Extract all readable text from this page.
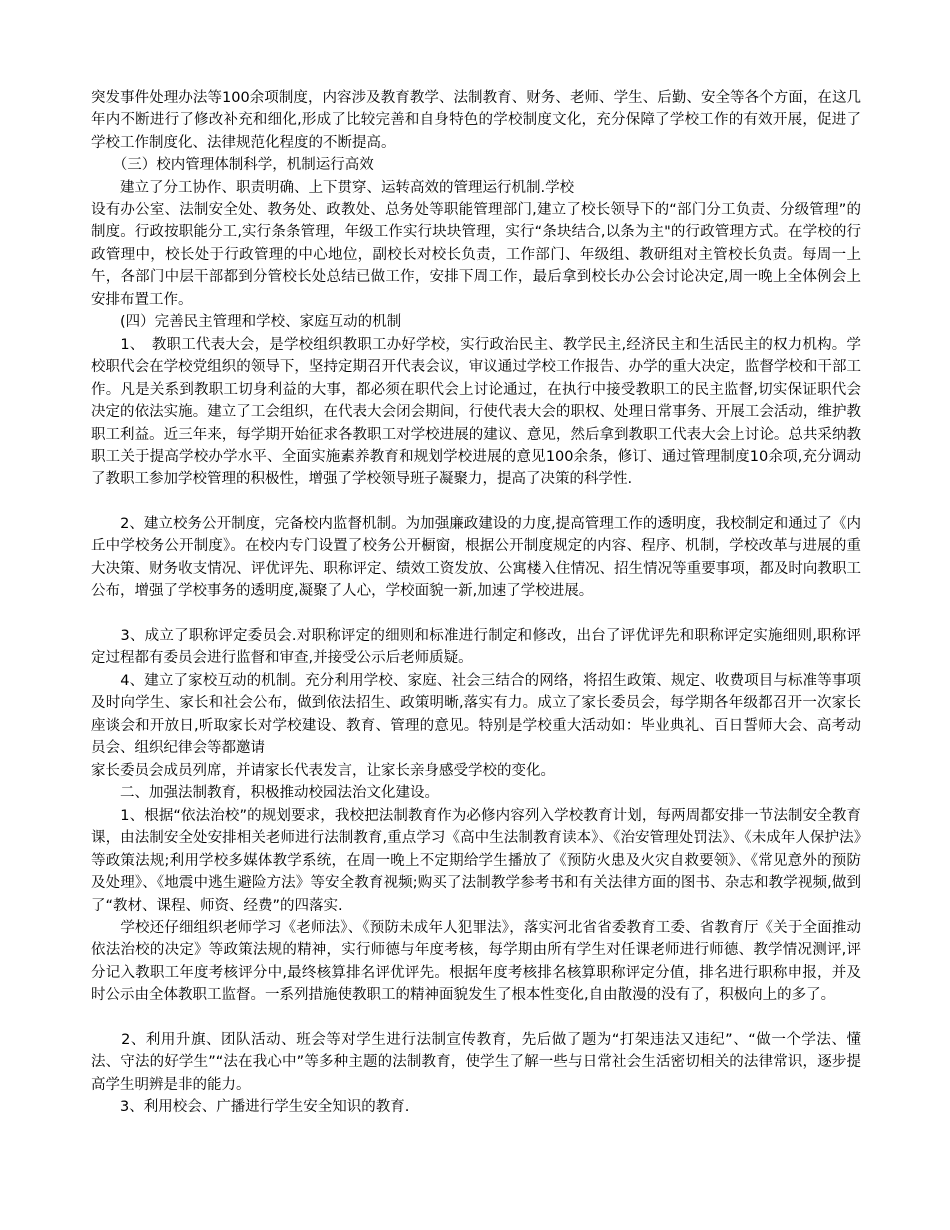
突发事件处理办法等100余项制度，内容涉及教育教学、法制教育、财务、老师、学生、后勤、安全等各个方面，在这几年内不断进行了修改补充和细化,形成了比较完善和自身特色的学校制度文化，充分保障了学校工作的有效开展，促进了学校工作制度化、法律规范化程度的不断提高。
　　（三）校内管理体制科学，机制运行高效
　　建立了分工协作、职责明确、上下贯穿、运转高效的管理运行机制.学校
设有办公室、法制安全处、教务处、政教处、总务处等职能管理部门,建立了校长领导下的“部门分工负责、分级管理”的制度。行政按职能分工,实行条条管理，年级工作实行块块管理，实行“条块结合,以条为主"的行政管理方式。在学校的行政管理中，校长处于行政管理的中心地位，副校长对校长负责，工作部门、年级组、教研组对主管校长负责。每周一上午，各部门中层干部都到分管校长处总结已做工作，安排下周工作，最后拿到校长办公会讨论决定,周一晚上全体例会上安排布置工作。
　　(四）完善民主管理和学校、家庭互动的机制
　　1、　教职工代表大会，是学校组织教职工办好学校，实行政治民主、教学民主,经济民主和生活民主的权力机构。学校职代会在学校党组织的领导下，坚持定期召开代表会议，审议通过学校工作报告、办学的重大决定，监督学校和干部工作。凡是关系到教职工切身利益的大事，都必须在职代会上讨论通过，在执行中接受教职工的民主监督,切实保证职代会决定的依法实施。建立了工会组织，在代表大会闭会期间，行使代表大会的职权、处理日常事务、开展工会活动，维护教职工利益。近三年来，每学期开始征求各教职工对学校进展的建议、意见，然后拿到教职工代表大会上讨论。总共采纳教职工关于提高学校办学水平、全面实施素养教育和规划学校进展的意见100余条，修订、通过管理制度10余项,充分调动了教职工参加学校管理的积极性，增强了学校领导班子凝聚力，提高了决策的科学性.
　　2、建立校务公开制度，完备校内监督机制。为加强廉政建设的力度,提高管理工作的透明度，我校制定和通过了《内丘中学校务公开制度》。在校内专门设置了校务公开橱窗，根据公开制度规定的内容、程序、机制，学校改革与进展的重大决策、财务收支情况、评优评先、职称评定、绩效工资发放、公寓楼入住情况、招生情况等重要事项，都及时向教职工公布，增强了学校事务的透明度,凝聚了人心，学校面貌一新,加速了学校进展。
　　3、成立了职称评定委员会.对职称评定的细则和标准进行制定和修改，出台了评优评先和职称评定实施细则,职称评定过程都有委员会进行监督和审查,并接受公示后老师质疑。
　　4、建立了家校互动的机制。充分利用学校、家庭、社会三结合的网络，将招生政策、规定、收费项目与标准等事项及时向学生、家长和社会公布，做到依法招生、政策明晰,落实有力。成立了家长委员会，每学期各年级都召开一次家长座谈会和开放日,听取家长对学校建设、教育、管理的意见。特别是学校重大活动如：毕业典礼、百日誓师大会、高考动员会、组织纪律会等都邀请
家长委员会成员列席，并请家长代表发言，让家长亲身感受学校的变化。
　　二、加强法制教育，积极推动校园法治文化建设。
　　1、根据“依法治校”的规划要求，我校把法制教育作为必修内容列入学校教育计划，每两周都安排一节法制安全教育课，由法制安全处安排相关老师进行法制教育,重点学习《高中生法制教育读本》、《治安管理处罚法》、《未成年人保护法》等政策法规;利用学校多媒体教学系统，在周一晚上不定期给学生播放了《预防火患及火灾自救要领》、《常见意外的预防及处理》、《地震中逃生避险方法》等安全教育视频;购买了法制教学参考书和有关法律方面的图书、杂志和教学视频,做到了“教材、课程、师资、经费”的四落实.
　　学校还仔细组织老师学习《老师法》、《预防未成年人犯罪法》，落实河北省省委教育工委、省教育厅《关于全面推动依法治校的决定》等政策法规的精神，实行师德与年度考核，每学期由所有学生对任课老师进行师德、教学情况测评,评分记入教职工年度考核评分中,最终核算排名评优评先。根据年度考核排名核算职称评定分值，排名进行职称申报，并及时公示由全体教职工监督。一系列措施使教职工的精神面貌发生了根本性变化,自由散漫的没有了，积极向上的多了。
　　2、利用升旗、团队活动、班会等对学生进行法制宣传教育，先后做了题为“打架违法又违纪”、“做一个学法、懂法、守法的好学生”“法在我心中”等多种主题的法制教育，使学生了解一些与日常社会生活密切相关的法律常识，逐步提高学生明辨是非的能力。
　　3、利用校会、广播进行学生安全知识的教育.
